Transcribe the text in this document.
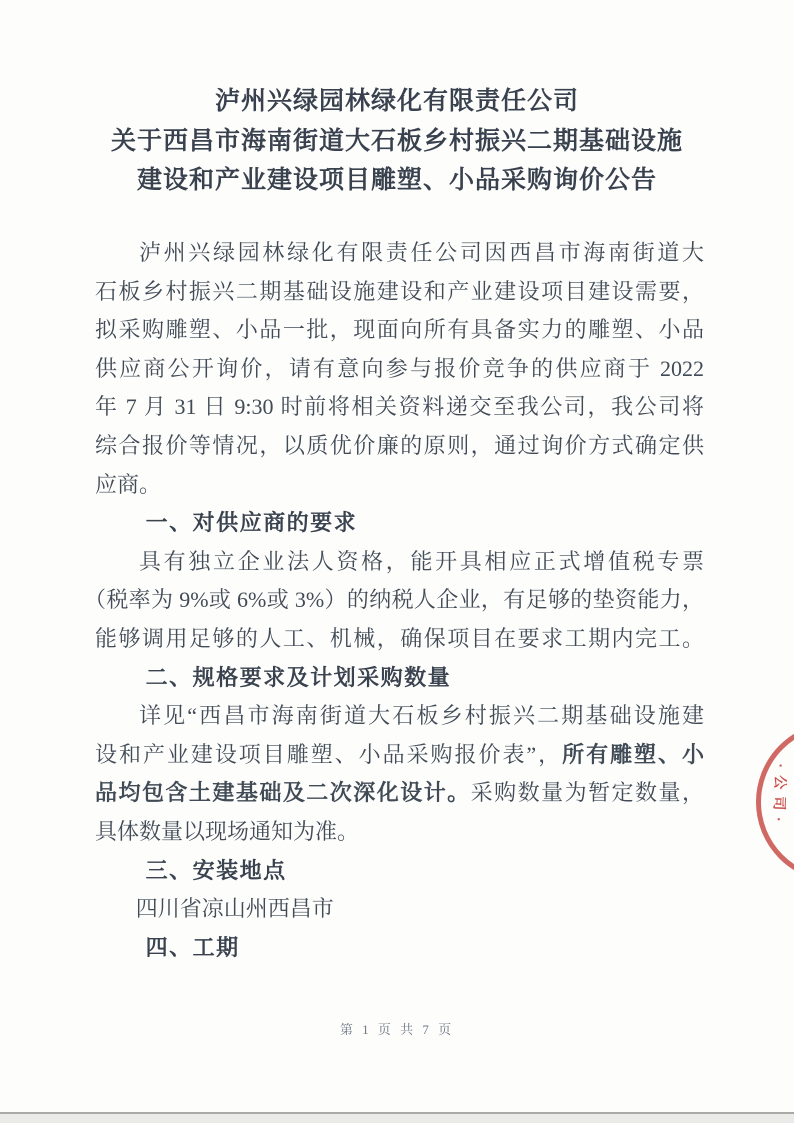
泸州兴绿园林绿化有限责任公司
关于西昌市海南街道大石板乡村振兴二期基础设施
建设和产业建设项目雕塑、小品采购询价公告
泸州兴绿园林绿化有限责任公司因西昌市海南街道大
石板乡村振兴二期基础设施建设和产业建设项目建设需要，
拟采购雕塑、小品一批，现面向所有具备实力的雕塑、小品
供应商公开询价，请有意向参与报价竞争的供应商于 2022
年 7 月 31 日 9:30 时前将相关资料递交至我公司，我公司将
综合报价等情况，以质优价廉的原则，通过询价方式确定供
应商。
一、对供应商的要求
具有独立企业法人资格，能开具相应正式增值税专票
（税率为 9%或 6%或 3%）的纳税人企业，有足够的垫资能力，
能够调用足够的人工、机械，确保项目在要求工期内完工。
二、规格要求及计划采购数量
详见“西昌市海南街道大石板乡村振兴二期基础设施建
设和产业建设项目雕塑、小品采购报价表”，所有雕塑、小
品均包含土建基础及二次深化设计。采购数量为暂定数量，
具体数量以现场通知为准。
三、安装地点
四川省凉山州西昌市
四、工期
·公司·
第 1 页 共 7 页
